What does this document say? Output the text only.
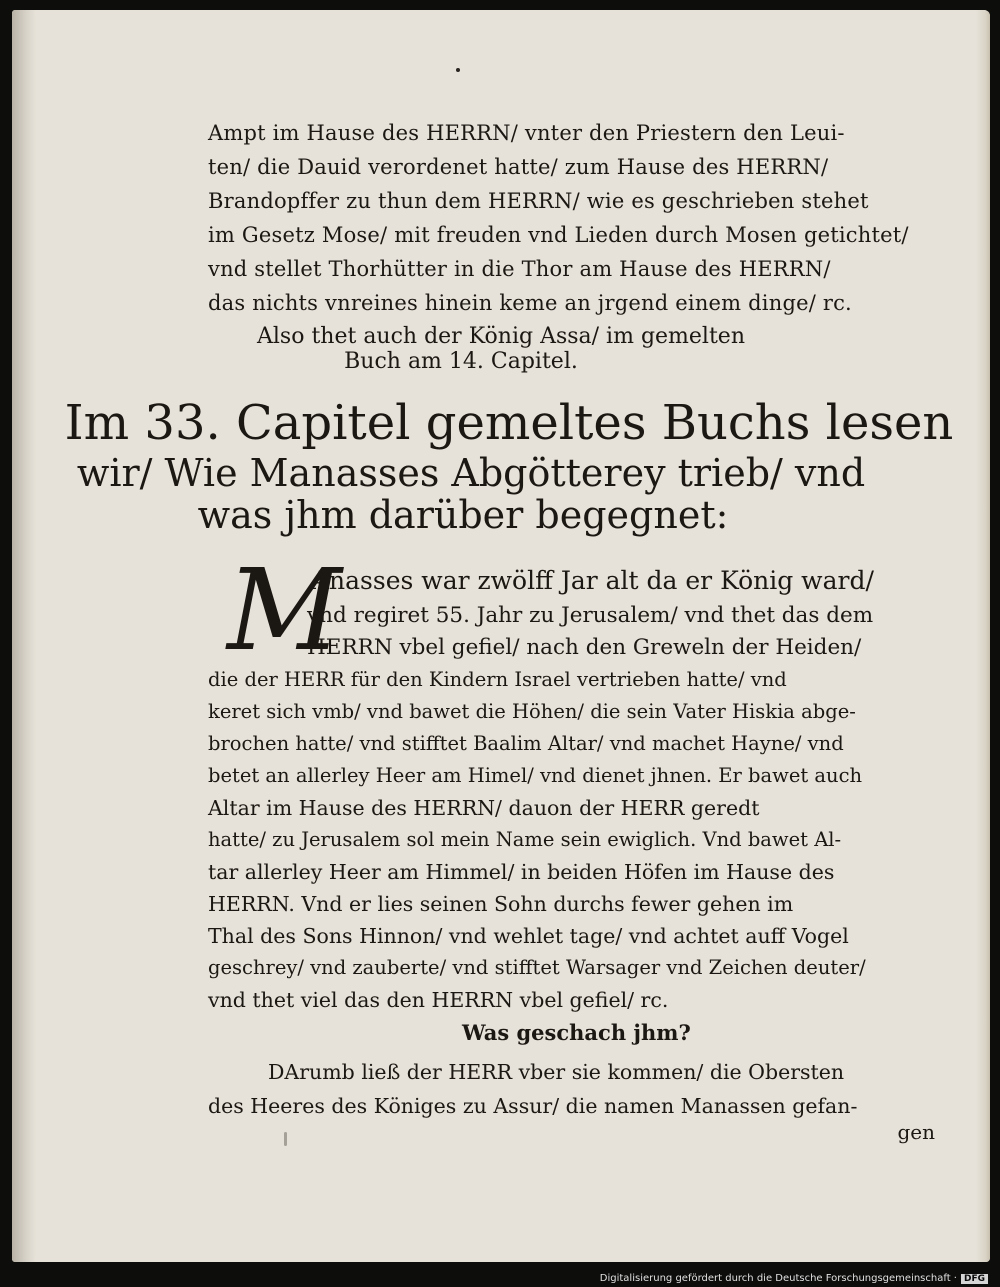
Ampt im Hause des HERRN/ vnter den Priestern den Leui-
ten/ die Dauid verordenet hatte/ zum Hause des HERRN/
Brandopffer zu thun dem HERRN/ wie es geschrieben stehet
im Gesetz Mose/ mit freuden vnd Lieden durch Mosen getichtet/
vnd stellet Thorhütter in die Thor am Hause des HERRN/
das nichts vnreines hinein keme an jrgend einem dinge/ rc.
Also thet auch der König Assa/ im gemelten
Buch am 14. Capitel.
Im 33. Capitel gemeltes Buchs lesen
wir/ Wie Manasses Abgötterey trieb/ vnd
was jhm darüber begegnet:
M
Anasses war zwölff Jar alt da er König ward/
vnd regiret 55. Jahr zu Jerusalem/ vnd thet das dem
HERRN vbel gefiel/ nach den Greweln der Heiden/
die der HERR für den Kindern Israel vertrieben hatte/ vnd
keret sich vmb/ vnd bawet die Höhen/ die sein Vater Hiskia abge-
brochen hatte/ vnd stifftet Baalim Altar/ vnd machet Hayne/ vnd
betet an allerley Heer am Himel/ vnd dienet jhnen. Er bawet auch
Altar im Hause des HERRN/ dauon der HERR geredt
hatte/ zu Jerusalem sol mein Name sein ewiglich. Vnd bawet Al-
tar allerley Heer am Himmel/ in beiden Höfen im Hause des
HERRN. Vnd er lies seinen Sohn durchs fewer gehen im
Thal des Sons Hinnon/ vnd wehlet tage/ vnd achtet auff Vogel
geschrey/ vnd zauberte/ vnd stifftet Warsager vnd Zeichen deuter/
vnd thet viel das den HERRN vbel gefiel/ rc.
Was geschach jhm?
DArumb ließ der HERR vber sie kommen/ die Obersten
des Heeres des Königes zu Assur/ die namen Manassen gefan-
gen
Digitalisierung gefördert durch die Deutsche Forschungsgemeinschaft · DFG
